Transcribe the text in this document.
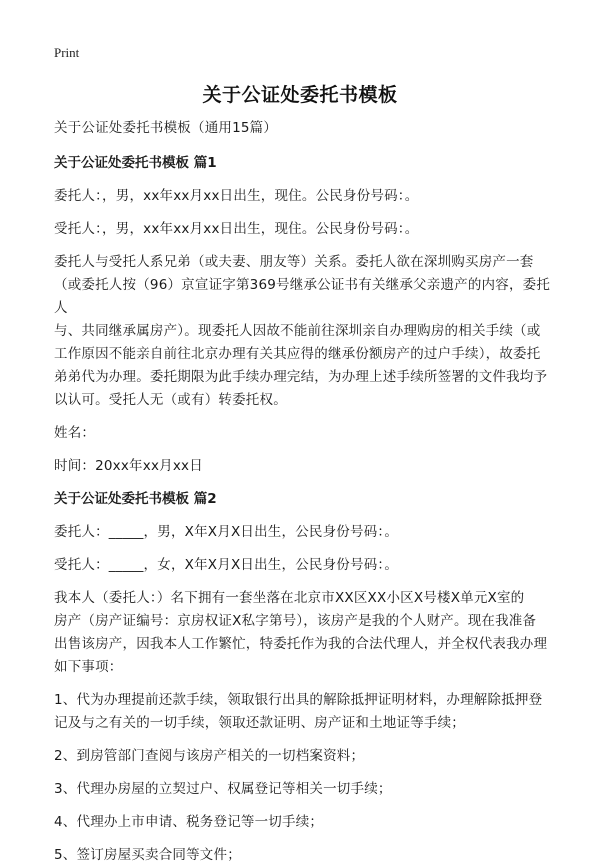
Print
关于公证处委托书模板

关于公证处委托书模板（通用15篇）

关于公证处委托书模板 篇1

委托人：，男，xx年xx月xx日出生，现住。公民身份号码：。

受托人：，男，xx年xx月xx日出生，现住。公民身份号码：。

委托人与受托人系兄弟（或夫妻、朋友等）关系。委托人欲在深圳购买房产一套

（或委托人按（96）京宣证字第369号继承公证书有关继承父亲遗产的内容，委托人

与、共同继承属房产）。现委托人因故不能前往深圳亲自办理购房的相关手续（或

工作原因不能亲自前往北京办理有关其应得的继承份额房产的过户手续），故委托

弟弟代为办理。委托期限为此手续办理完结，为办理上述手续所签署的文件我均予

以认可。受托人无（或有）转委托权。

姓名：

时间：20xx年xx月xx日

关于公证处委托书模板 篇2

委托人：_____，男，X年X月X日出生，公民身份号码：。

受托人：_____，女，X年X月X日出生，公民身份号码：。

我本人（委托人：）名下拥有一套坐落在北京市XX区XX小区X号楼X单元X室的

房产（房产证编号：京房权证X私字第号），该房产是我的个人财产。现在我准备

出售该房产，因我本人工作繁忙，特委托作为我的合法代理人，并全权代表我办理

如下事项：

1、代为办理提前还款手续，领取银行出具的解除抵押证明材料，办理解除抵押登

记及与之有关的一切手续，领取还款证明、房产证和土地证等手续；

2、到房管部门查阅与该房产相关的一切档案资料；

3、代理办房屋的立契过户、权属登记等相关一切手续；

4、代理办上市申请、税务登记等一切手续；

5、签订房屋买卖合同等文件；
